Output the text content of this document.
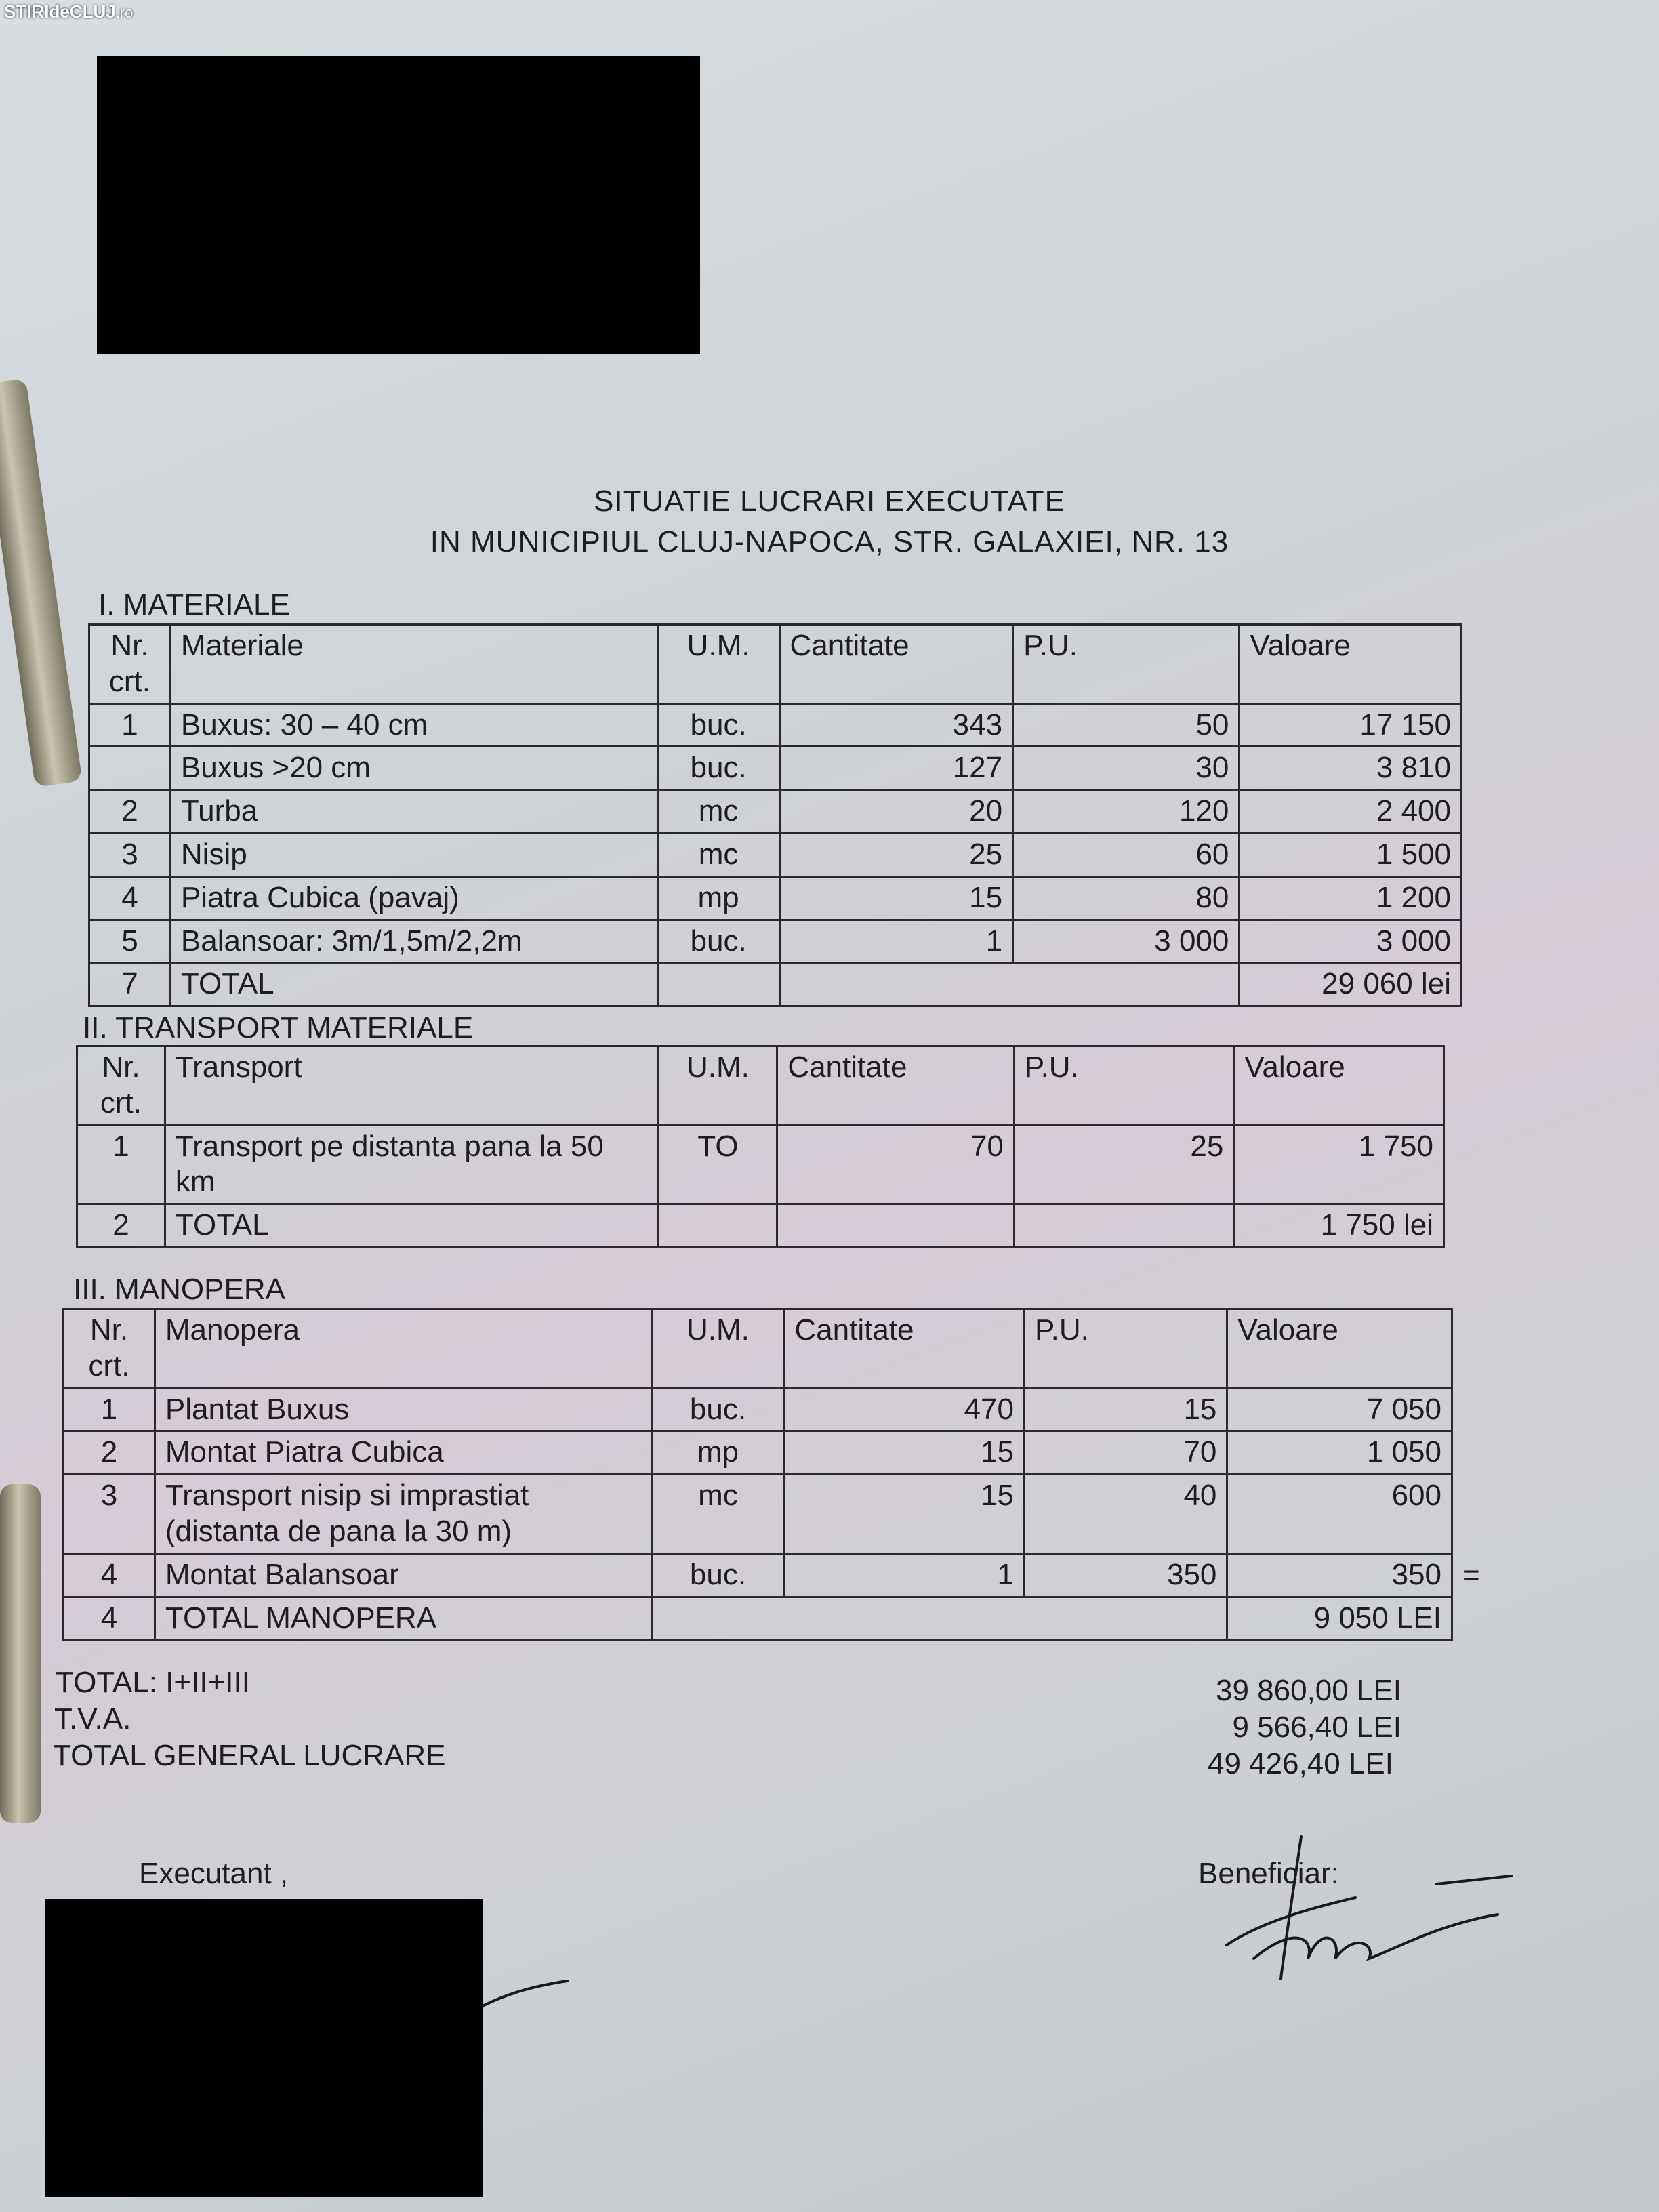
STIRIdeCLUJ.ro
SITUATIE LUCRARI EXECUTATE
IN MUNICIPIUL CLUJ-NAPOCA, STR. GALAXIEI, NR. 13
I. MATERIALE
Nr. crt.	Materiale	U.M.	Cantitate	P.U.	Valoare
1	Buxus: 30 – 40 cm	buc.	343	50	17 150
	Buxus >20 cm	buc.	127	30	3 810
2	Turba	mc	20	120	2 400
3	Nisip	mc	25	60	1 500
4	Piatra Cubica (pavaj)	mp	15	80	1 200
5	Balansoar: 3m/1,5m/2,2m	buc.	1	3 000	3 000
7	TOTAL				29 060 lei
II. TRANSPORT MATERIALE
Nr. crt.	Transport	U.M.	Cantitate	P.U.	Valoare
1	Transport pe distanta pana la 50 km	TO	70	25	1 750
2	TOTAL				1 750 lei
III. MANOPERA
Nr. crt.	Manopera	U.M.	Cantitate	P.U.	Valoare
1	Plantat Buxus	buc.	470	15	7 050
2	Montat Piatra Cubica	mp	15	70	1 050
3	Transport nisip si imprastiat (distanta de pana la 30 m)	mc	15	40	600
4	Montat Balansoar	buc.	1	350	350
4	TOTAL MANOPERA				9 050 LEI
=
TOTAL: I+II+III	39 860,00 LEI
T.V.A.	9 566,40 LEI
TOTAL GENERAL LUCRARE	49 426,40 LEI
Executant ,	Beneficiar:
